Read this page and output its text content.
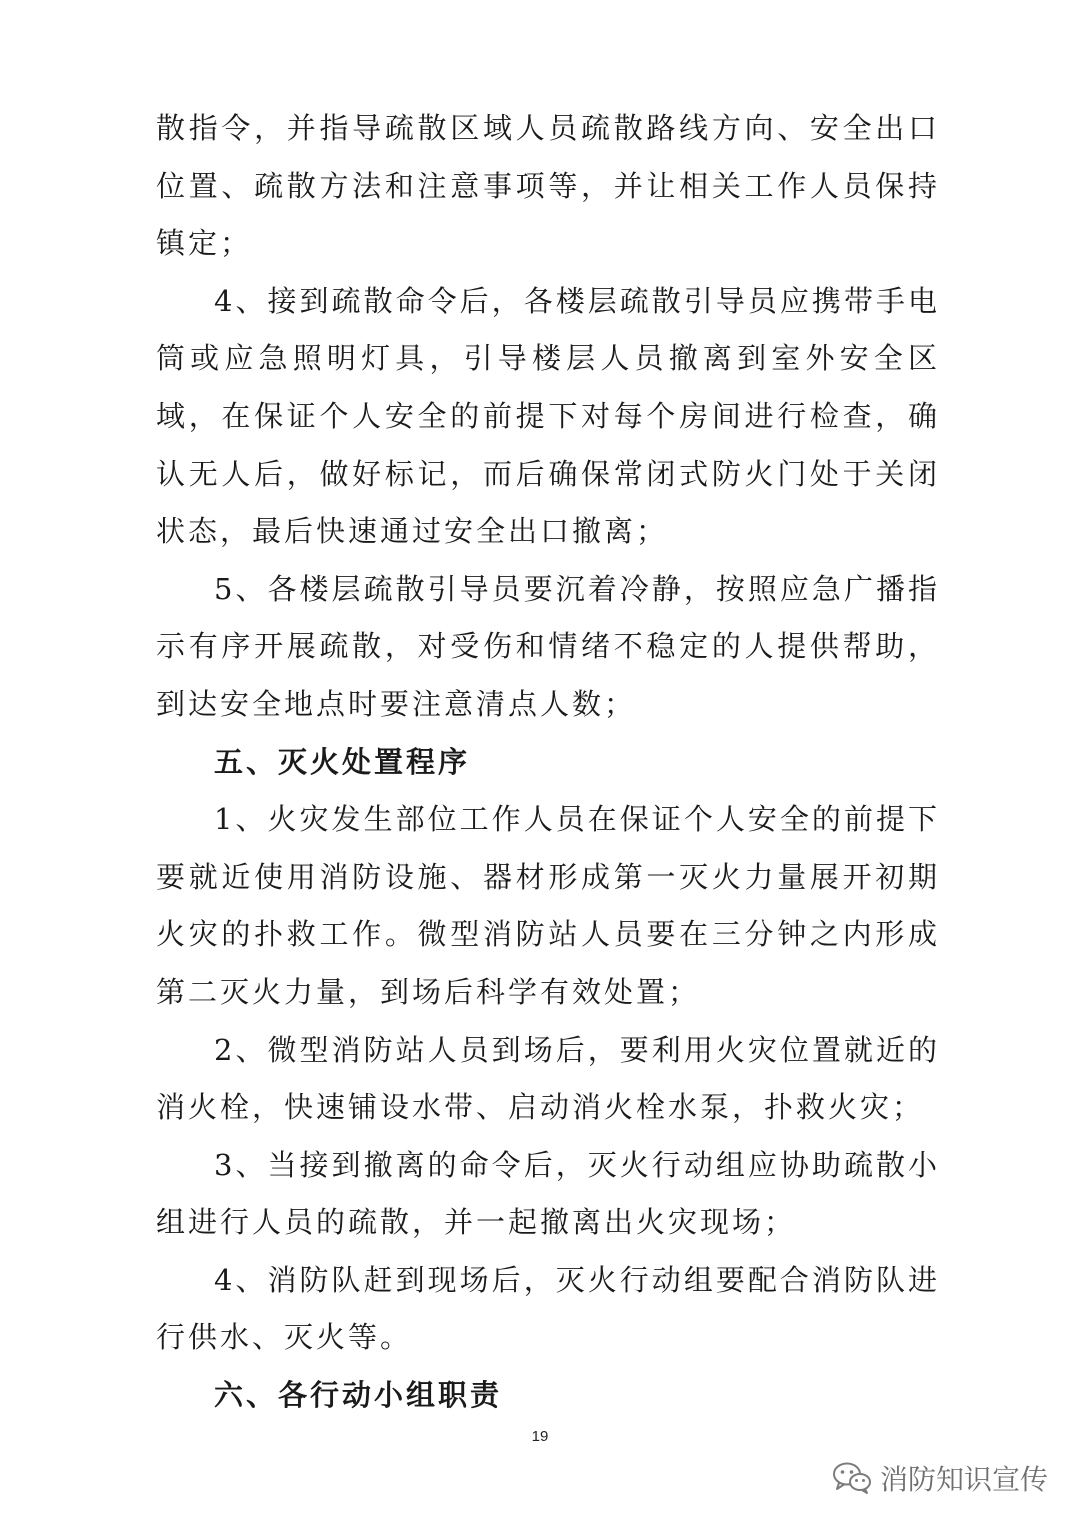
散指令，并指导疏散区域人员疏散路线方向、安全出口位置、疏散方法和注意事项等，并让相关工作人员保持镇定；

4、接到疏散命令后，各楼层疏散引导员应携带手电筒或应急照明灯具，引导楼层人员撤离到室外安全区域，在保证个人安全的前提下对每个房间进行检查，确认无人后，做好标记，而后确保常闭式防火门处于关闭状态，最后快速通过安全出口撤离；

5、各楼层疏散引导员要沉着冷静，按照应急广播指示有序开展疏散，对受伤和情绪不稳定的人提供帮助，到达安全地点时要注意清点人数；

五、灭火处置程序

1、火灾发生部位工作人员在保证个人安全的前提下要就近使用消防设施、器材形成第一灭火力量展开初期火灾的扑救工作。微型消防站人员要在三分钟之内形成第二灭火力量，到场后科学有效处置；

2、微型消防站人员到场后，要利用火灾位置就近的消火栓，快速铺设水带、启动消火栓水泵，扑救火灾；

3、当接到撤离的命令后，灭火行动组应协助疏散小组进行人员的疏散，并一起撤离出火灾现场；

4、消防队赶到现场后，灭火行动组要配合消防队进行供水、灭火等。

六、各行动小组职责

19
消防知识宣传
